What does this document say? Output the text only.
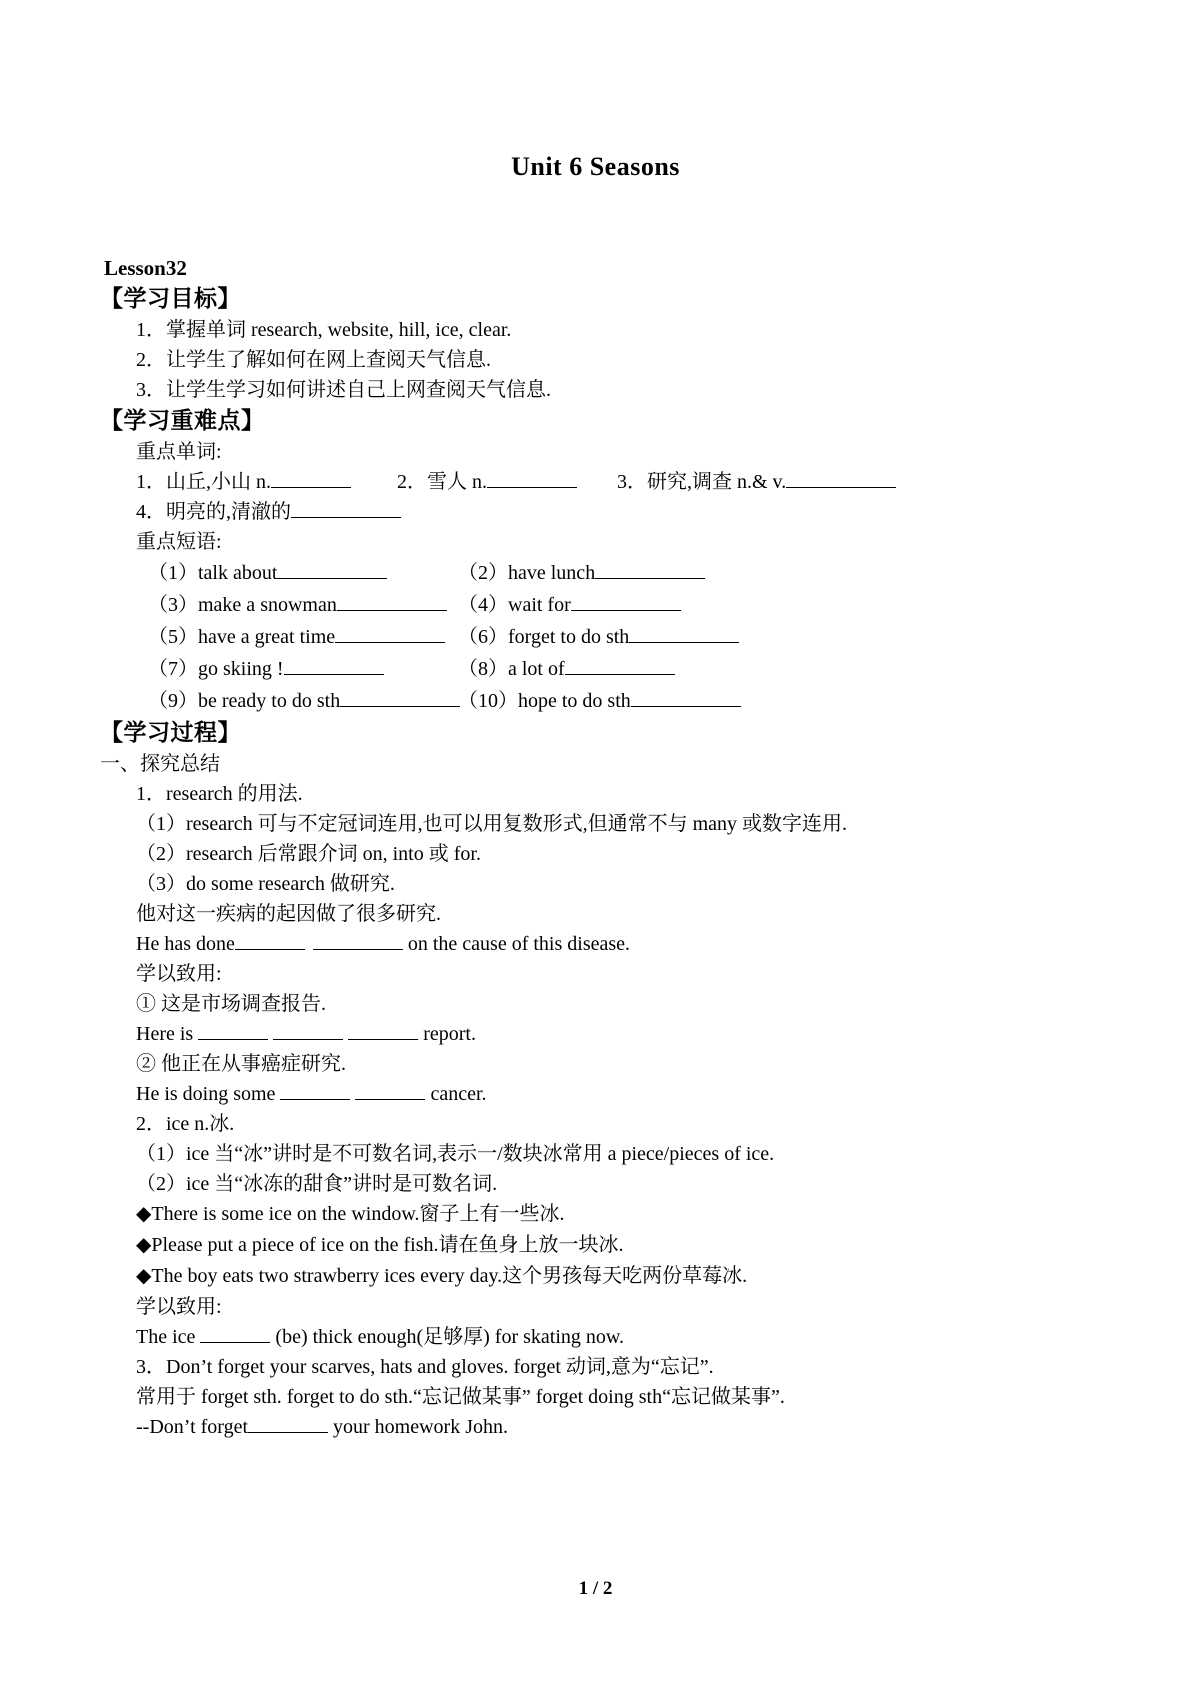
Unit 6 Seasons
Lesson32
【学习目标】
1．掌握单词 research, website, hill, ice, clear.
2．让学生了解如何在网上查阅天气信息.
3．让学生学习如何讲述自己上网查阅天气信息.
【学习重难点】
重点单词:
1．山丘,小山 n.	2．雪人 n.	3．研究,调查 n.& v.
4．明亮的,清澈的
重点短语:
（1）talk about	（2）have lunch
（3）make a snowman	（4）wait for
（5）have a great time	（6）forget to do sth
（7）go skiing !	（8）a lot of
（9）be ready to do sth	（10）hope to do sth
【学习过程】
一、探究总结
1．research 的用法.
（1）research 可与不定冠词连用,也可以用复数形式,但通常不与 many 或数字连用.
（2）research 后常跟介词 on, into 或 for.
（3）do some research 做研究.
他对这一疾病的起因做了很多研究.
He has done	on the cause of this disease.
学以致用:
① 这是市场调查报告.
Here is	report.
② 他正在从事癌症研究.
He is doing some	cancer.
2．ice n.冰.
（1）ice 当“冰”讲时是不可数名词,表示一/数块冰常用 a piece/pieces of ice.
（2）ice 当“冰冻的甜食”讲时是可数名词.
◆There is some ice on the window.窗子上有一些冰.
◆Please put a piece of ice on the fish.请在鱼身上放一块冰.
◆The boy eats two strawberry ices every day.这个男孩每天吃两份草莓冰.
学以致用:
The ice	(be) thick enough(足够厚) for skating now.
3．Don’t forget your scarves, hats and gloves. forget 动词,意为“忘记”.
常用于 forget sth. forget to do sth.“忘记做某事” forget doing sth“忘记做某事”.
--Don’t forget	your homework John.
1 / 2
